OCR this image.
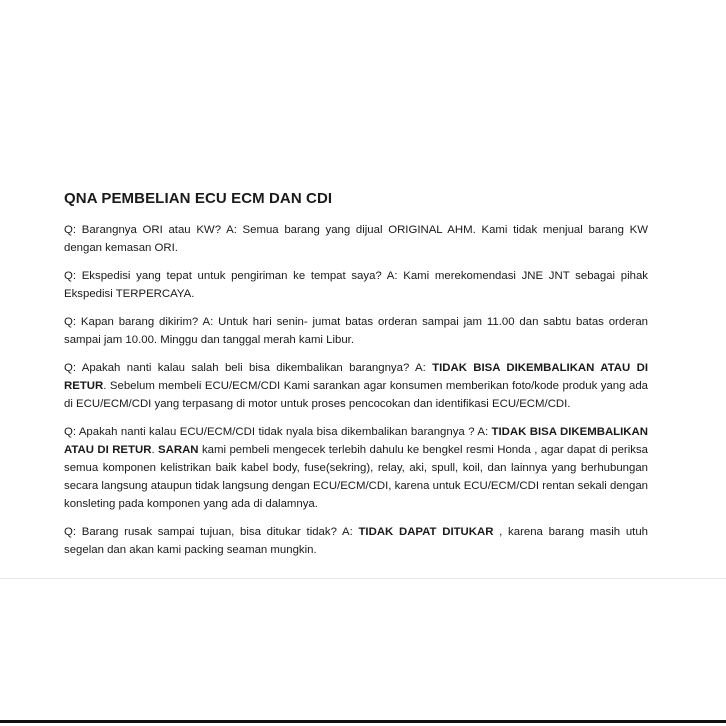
QNA PEMBELIAN ECU ECM DAN CDI

Q: Barangnya ORI atau KW? A: Semua barang yang dijual ORIGINAL AHM. Kami tidak menjual barang KW dengan kemasan ORI.

Q: Ekspedisi yang tepat untuk pengiriman ke tempat saya? A: Kami merekomendasi JNE JNT sebagai pihak Ekspedisi TERPERCAYA.

Q: Kapan barang dikirim? A: Untuk hari senin- jumat batas orderan sampai jam 11.00 dan sabtu batas orderan sampai jam 10.00. Minggu dan tanggal merah kami Libur.

Q: Apakah nanti kalau salah beli bisa dikembalikan barangnya? A: TIDAK BISA DIKEMBALIKAN ATAU DI RETUR. Sebelum membeli ECU/ECM/CDI Kami sarankan agar konsumen memberikan foto/kode produk yang ada di ECU/ECM/CDI yang terpasang di motor untuk proses pencocokan dan identifikasi ECU/ECM/CDI.

Q: Apakah nanti kalau ECU/ECM/CDI tidak nyala bisa dikembalikan barangnya ? A: TIDAK BISA DIKEMBALIKAN ATAU DI RETUR. SARAN kami pembeli mengecek terlebih dahulu ke bengkel resmi Honda , agar dapat di periksa semua komponen kelistrikan baik kabel body, fuse(sekring), relay, aki, spull, koil, dan lainnya yang berhubungan secara langsung ataupun tidak langsung dengan ECU/ECM/CDI, karena untuk ECU/ECM/CDI rentan sekali dengan konsleting pada komponen yang ada di dalamnya.

Q: Barang rusak sampai tujuan, bisa ditukar tidak? A: TIDAK DAPAT DITUKAR , karena barang masih utuh segelan dan akan kami packing seaman mungkin.
